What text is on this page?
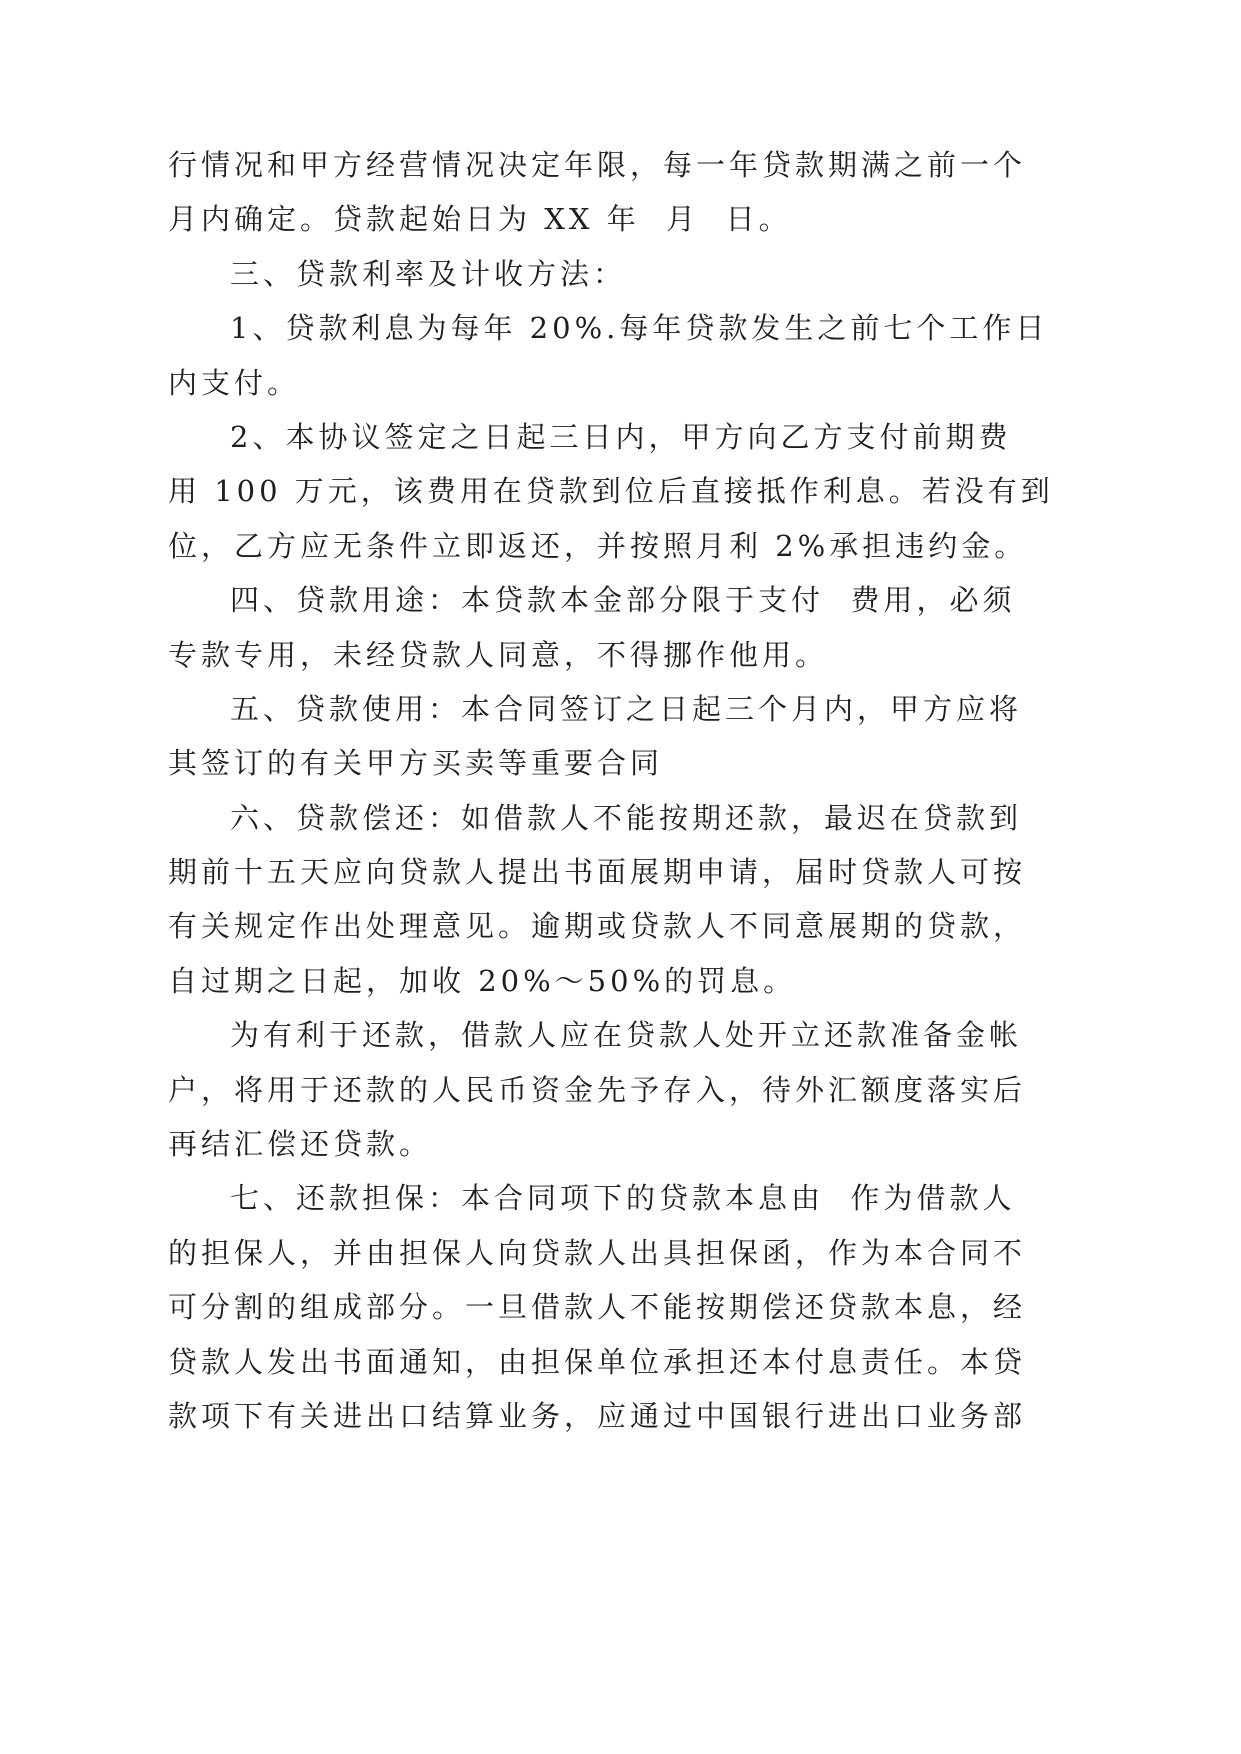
行情况和甲方经营情况决定年限，每一年贷款期满之前一个
月内确定。贷款起始日为 XX 年  月  日。
三、贷款利率及计收方法：
1、贷款利息为每年 20%.每年贷款发生之前七个工作日
内支付。
2、本协议签定之日起三日内，甲方向乙方支付前期费
用 100 万元，该费用在贷款到位后直接抵作利息。若没有到
位，乙方应无条件立即返还，并按照月利 2%承担违约金。
四、贷款用途：本贷款本金部分限于支付  费用，必须
专款专用，未经贷款人同意，不得挪作他用。
五、贷款使用：本合同签订之日起三个月内，甲方应将
其签订的有关甲方买卖等重要合同
六、贷款偿还：如借款人不能按期还款，最迟在贷款到
期前十五天应向贷款人提出书面展期申请，届时贷款人可按
有关规定作出处理意见。逾期或贷款人不同意展期的贷款，
自过期之日起，加收 20%～50%的罚息。
为有利于还款，借款人应在贷款人处开立还款准备金帐
户，将用于还款的人民币资金先予存入，待外汇额度落实后
再结汇偿还贷款。
七、还款担保：本合同项下的贷款本息由  作为借款人
的担保人，并由担保人向贷款人出具担保函，作为本合同不
可分割的组成部分。一旦借款人不能按期偿还贷款本息，经
贷款人发出书面通知，由担保单位承担还本付息责任。本贷
款项下有关进出口结算业务，应通过中国银行进出口业务部
